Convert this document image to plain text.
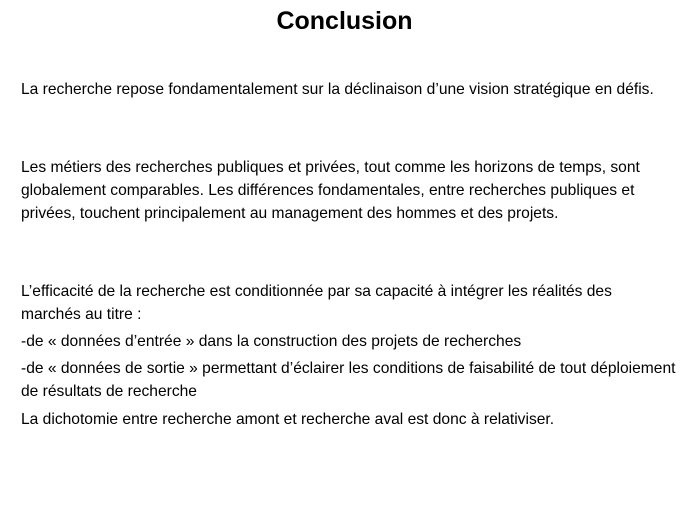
Conclusion
La recherche repose fondamentalement sur la déclinaison d’une vision stratégique en défis.
Les métiers des recherches publiques et privées, tout comme les horizons de temps, sont globalement comparables. Les différences fondamentales, entre recherches publiques et privées, touchent principalement au management des hommes et des projets.
L’efficacité de la recherche est conditionnée par sa capacité à intégrer les réalités des marchés au titre :
-de « données d’entrée » dans la construction des projets de recherches
-de « données de sortie » permettant d’éclairer les conditions de faisabilité de tout déploiement de résultats de recherche
La dichotomie entre recherche amont et recherche aval est donc à relativiser.
